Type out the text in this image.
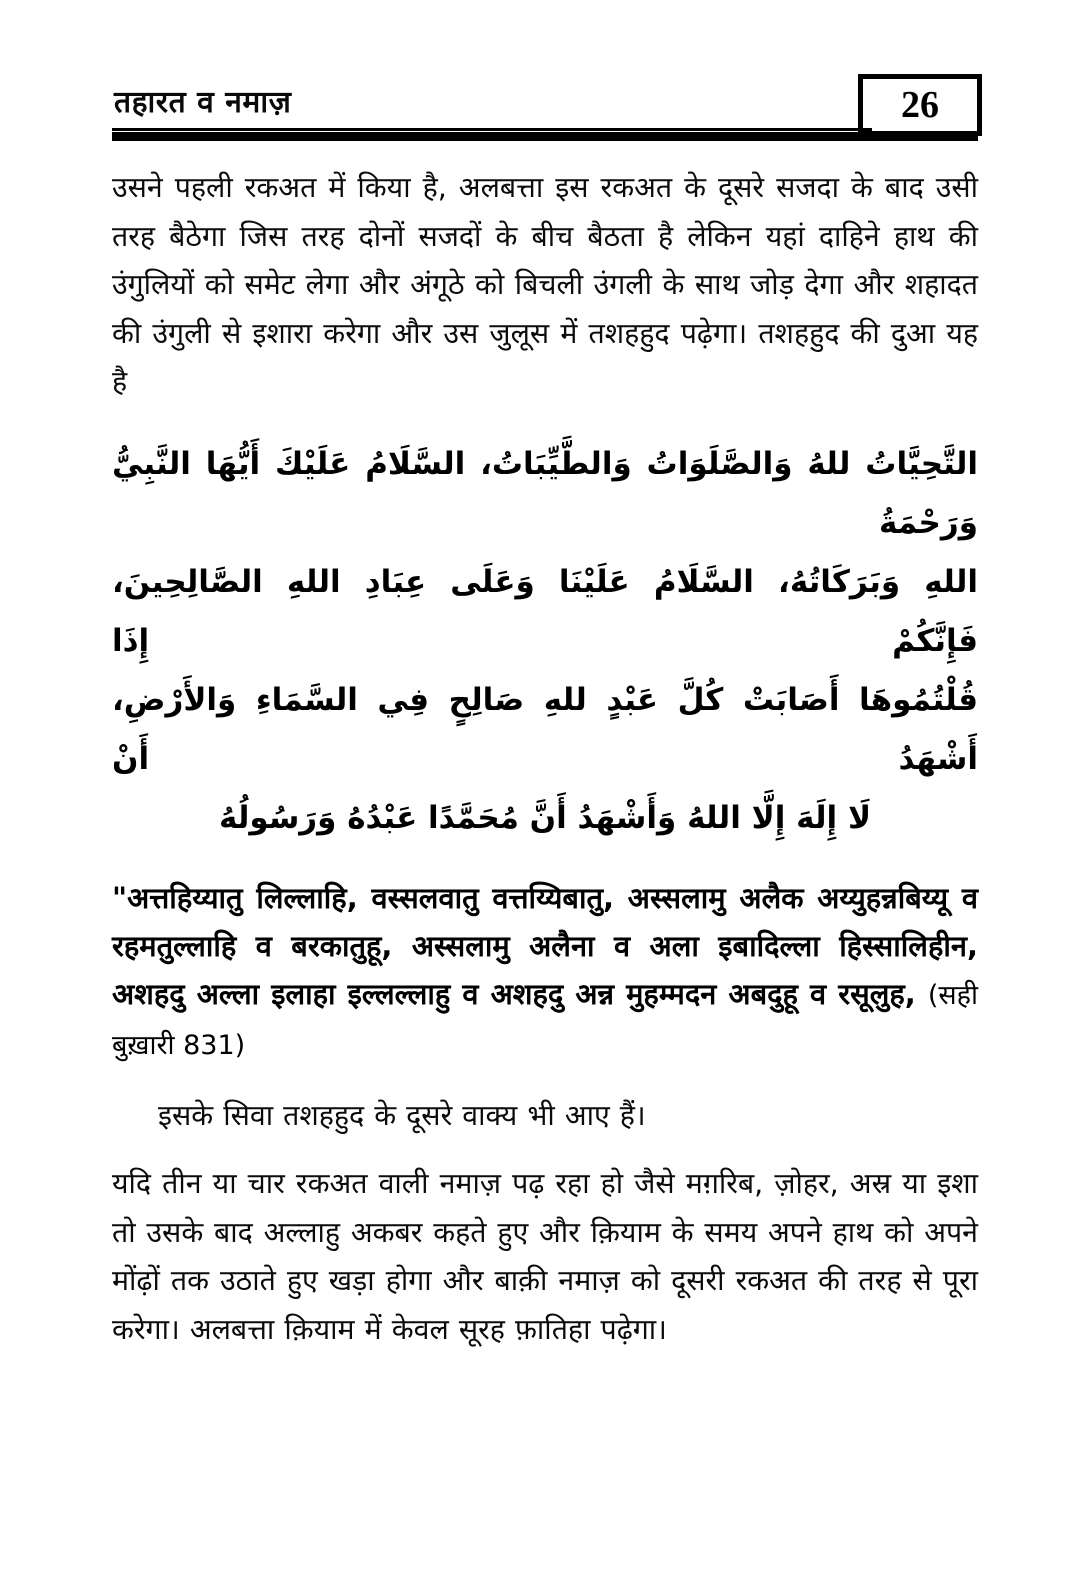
तहारत व नमाज़	26
उसने पहली रकअत में किया है, अलबत्ता इस रकअत के दूसरे सजदा के बाद उसी तरह बैठेगा जिस तरह दोनों सजदों के बीच बैठता है लेकिन यहां दाहिने हाथ की उंगुलियों को समेट लेगा और अंगूठे को बिचली उंगली के साथ जोड़ देगा और शहादत की उंगुली से इशारा करेगा और उस जुलूस में तशहहुद पढ़ेगा। तशहहुद की दुआ यह है
التَّحِيَّاتُ للهُ وَالصَّلَوَاتُ وَالطَّيِّبَاتُ، السَّلَامُ عَلَيْكَ أَيُّهَا النَّبِيُّ وَرَحْمَةُ
اللهِ وَبَرَكَاتُهُ، السَّلَامُ عَلَيْنَا وَعَلَى عِبَادِ اللهِ الصَّالِحِينَ، فَإِنَّكُمْ إِذَا
قُلْتُمُوهَا أَصَابَتْ كُلَّ عَبْدٍ للهِ صَالِحٍ فِي السَّمَاءِ وَالأَرْضِ، أَشْهَدُ أَنْ
لَا إِلَهَ إِلَّا اللهُ وَأَشْهَدُ أَنَّ مُحَمَّدًا عَبْدُهُ وَرَسُولُهُ
"अत्तहिय्यातु लिल्लाहि, वस्सलवातु वत्तय्यिबातु, अस्सलामु अलैक अय्युहन्नबिय्यू व रहमतुल्लाहि व बरकातुहू, अस्सलामु अलैना व अला इबादिल्ला हिस्सालिहीन, अशहदु अल्ला इलाहा इल्लल्लाहु व अशहदु अन्न मुहम्मदन अबदुहू व रसूलुह, (सही बुख़ारी 831)
इसके सिवा तशहहुद के दूसरे वाक्य भी आए हैं।
यदि तीन या चार रकअत वाली नमाज़ पढ़ रहा हो जैसे मग़रिब, ज़ोहर, अस्र या इशा तो उसके बाद अल्लाहु अकबर कहते हुए और क़ियाम के समय अपने हाथ को अपने मोंढ़ों तक उठाते हुए खड़ा होगा और बाक़ी नमाज़ को दूसरी रकअत की तरह से पूरा करेगा। अलबत्ता क़ियाम में केवल सूरह फ़ातिहा पढ़ेगा।
